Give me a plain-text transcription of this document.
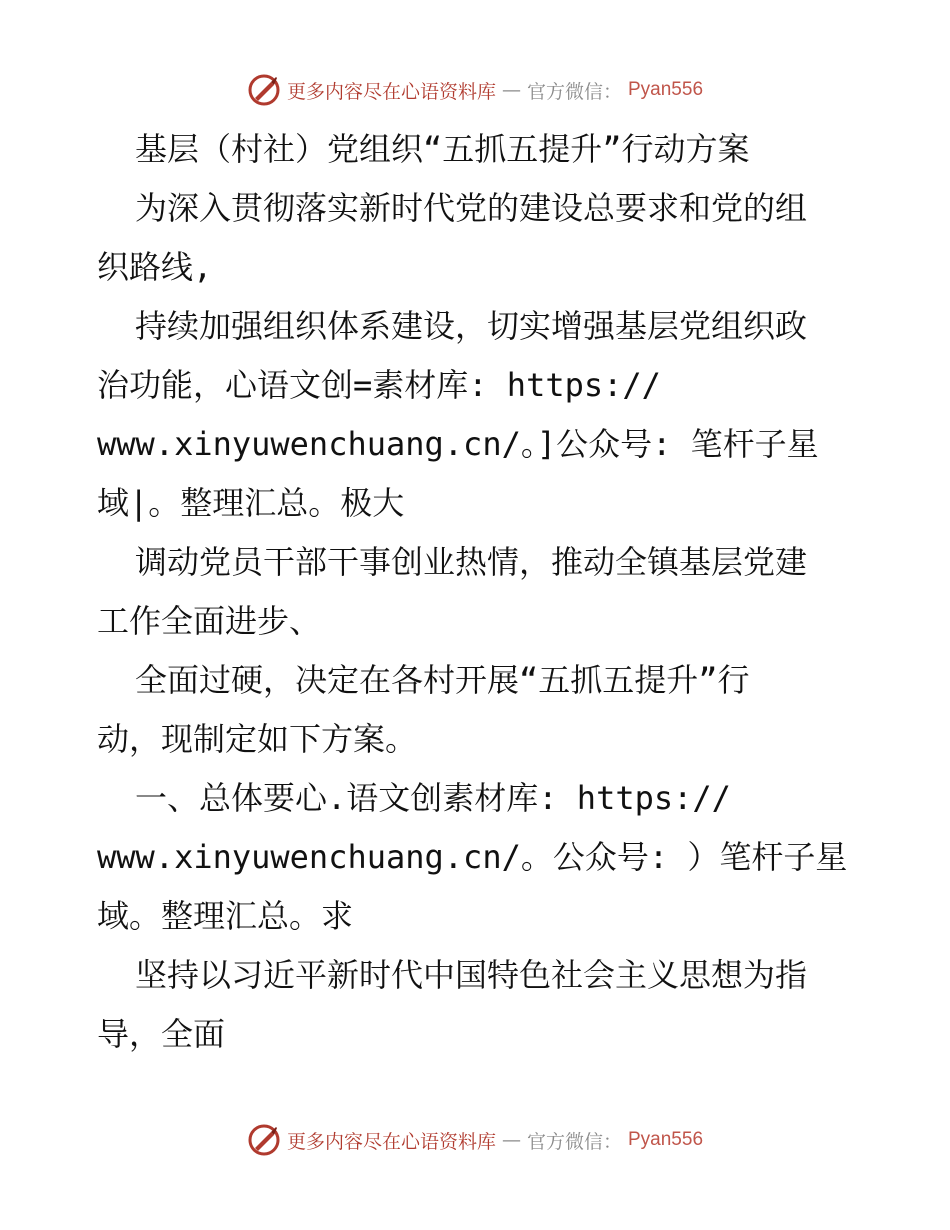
更多内容尽在心语资料库 — 官方微信： Pyan556
基层（村社）党组织“五抓五提升”行动方案
为深入贯彻落实新时代党的建设总要求和党的组
织路线,
持续加强组织体系建设，切实增强基层党组织政
治功能，心语文创=素材库: https://
www.xinyuwenchuang.cn/。]公众号: 笔杆子星
域|。整理汇总。极大
调动党员干部干事创业热情，推动全镇基层党建
工作全面进步、
全面过硬，决定在各村开展“五抓五提升”行
动，现制定如下方案。
一、总体要心.语文创素材库: https://
www.xinyuwenchuang.cn/。公众号: ）笔杆子星
域。整理汇总。求
坚持以习近平新时代中国特色社会主义思想为指
导，全面
更多内容尽在心语资料库 — 官方微信： Pyan556
